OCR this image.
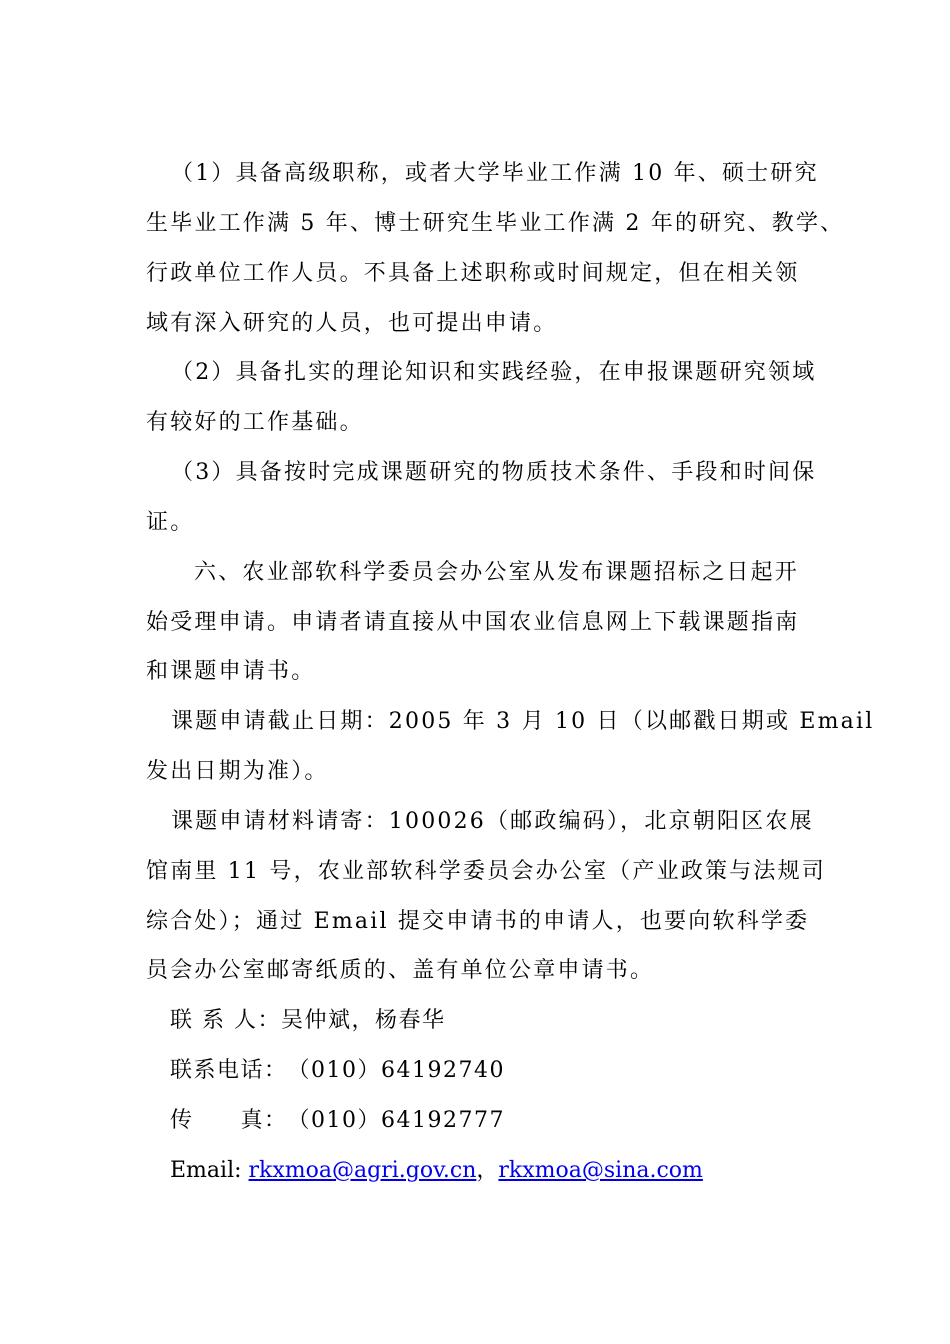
（1）具备高级职称，或者大学毕业工作满 10 年、硕士研究
生毕业工作满 5 年、博士研究生毕业工作满 2 年的研究、教学、
行政单位工作人员。不具备上述职称或时间规定，但在相关领
域有深入研究的人员，也可提出申请。
（2）具备扎实的理论知识和实践经验，在申报课题研究领域
有较好的工作基础。
（3）具备按时完成课题研究的物质技术条件、手段和时间保
证。
六、农业部软科学委员会办公室从发布课题招标之日起开
始受理申请。申请者请直接从中国农业信息网上下载课题指南
和课题申请书。
课题申请截止日期：2005 年 3 月 10 日（以邮戳日期或 Email
发出日期为准）。
课题申请材料请寄：100026（邮政编码），北京朝阳区农展
馆南里 11 号，农业部软科学委员会办公室（产业政策与法规司
综合处）；通过 Email 提交申请书的申请人，也要向软科学委
员会办公室邮寄纸质的、盖有单位公章申请书。
联 系 人：吴仲斌，杨春华
联系电话：（010）64192740
传　　真：（010）64192777
Email: rkxmoa@agri.gov.cn，rkxmoa@sina.com
